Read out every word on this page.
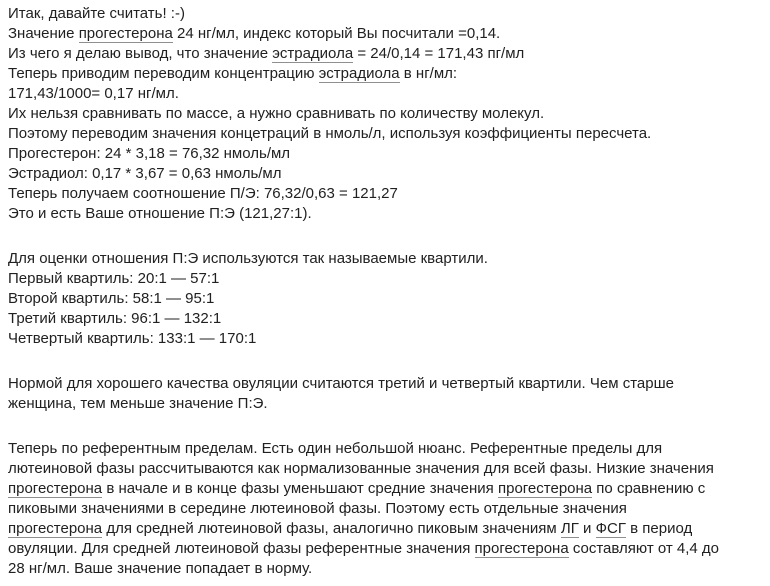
Итак, давайте считать! :-)
Значение прогестерона 24 нг/мл, индекс который Вы посчитали =0,14.
Из чего я делаю вывод, что значение эстрадиола = 24/0,14 = 171,43 пг/мл
Теперь приводим переводим концентрацию эстрадиола в нг/мл:
171,43/1000= 0,17 нг/мл.
Их нельзя сравнивать по массе, а нужно сравнивать по количеству молекул.
Поэтому переводим значения концетраций в нмоль/л, используя коэффициенты пересчета.
Прогестерон: 24 * 3,18 = 76,32 нмоль/мл
Эстрадиол: 0,17 * 3,67 = 0,63 нмоль/мл
Теперь получаем соотношение П/Э: 76,32/0,63 = 121,27
Это и есть Ваше отношение П:Э (121,27:1).
Для оценки отношения П:Э используются так называемые квартили.
Первый квартиль: 20:1 — 57:1
Второй квартиль: 58:1 — 95:1
Третий квартиль: 96:1 — 132:1
Четвертый квартиль: 133:1 — 170:1
Нормой для хорошего качества овуляции считаются третий и четвертый квартили. Чем старше
женщина, тем меньше значение П:Э.
Теперь по референтным пределам. Есть один небольшой нюанс. Референтные пределы для
лютеиновой фазы рассчитываются как нормализованные значения для всей фазы. Низкие значения
прогестерона в начале и в конце фазы уменьшают средние значения прогестерона по сравнению с
пиковыми значениями в середине лютеиновой фазы. Поэтому есть отдельные значения
прогестерона для средней лютеиновой фазы, аналогично пиковым значениям ЛГ и ФСГ в период
овуляции. Для средней лютеиновой фазы референтные значения прогестерона составляют от 4,4 до
28 нг/мл. Ваше значение попадает в норму.
